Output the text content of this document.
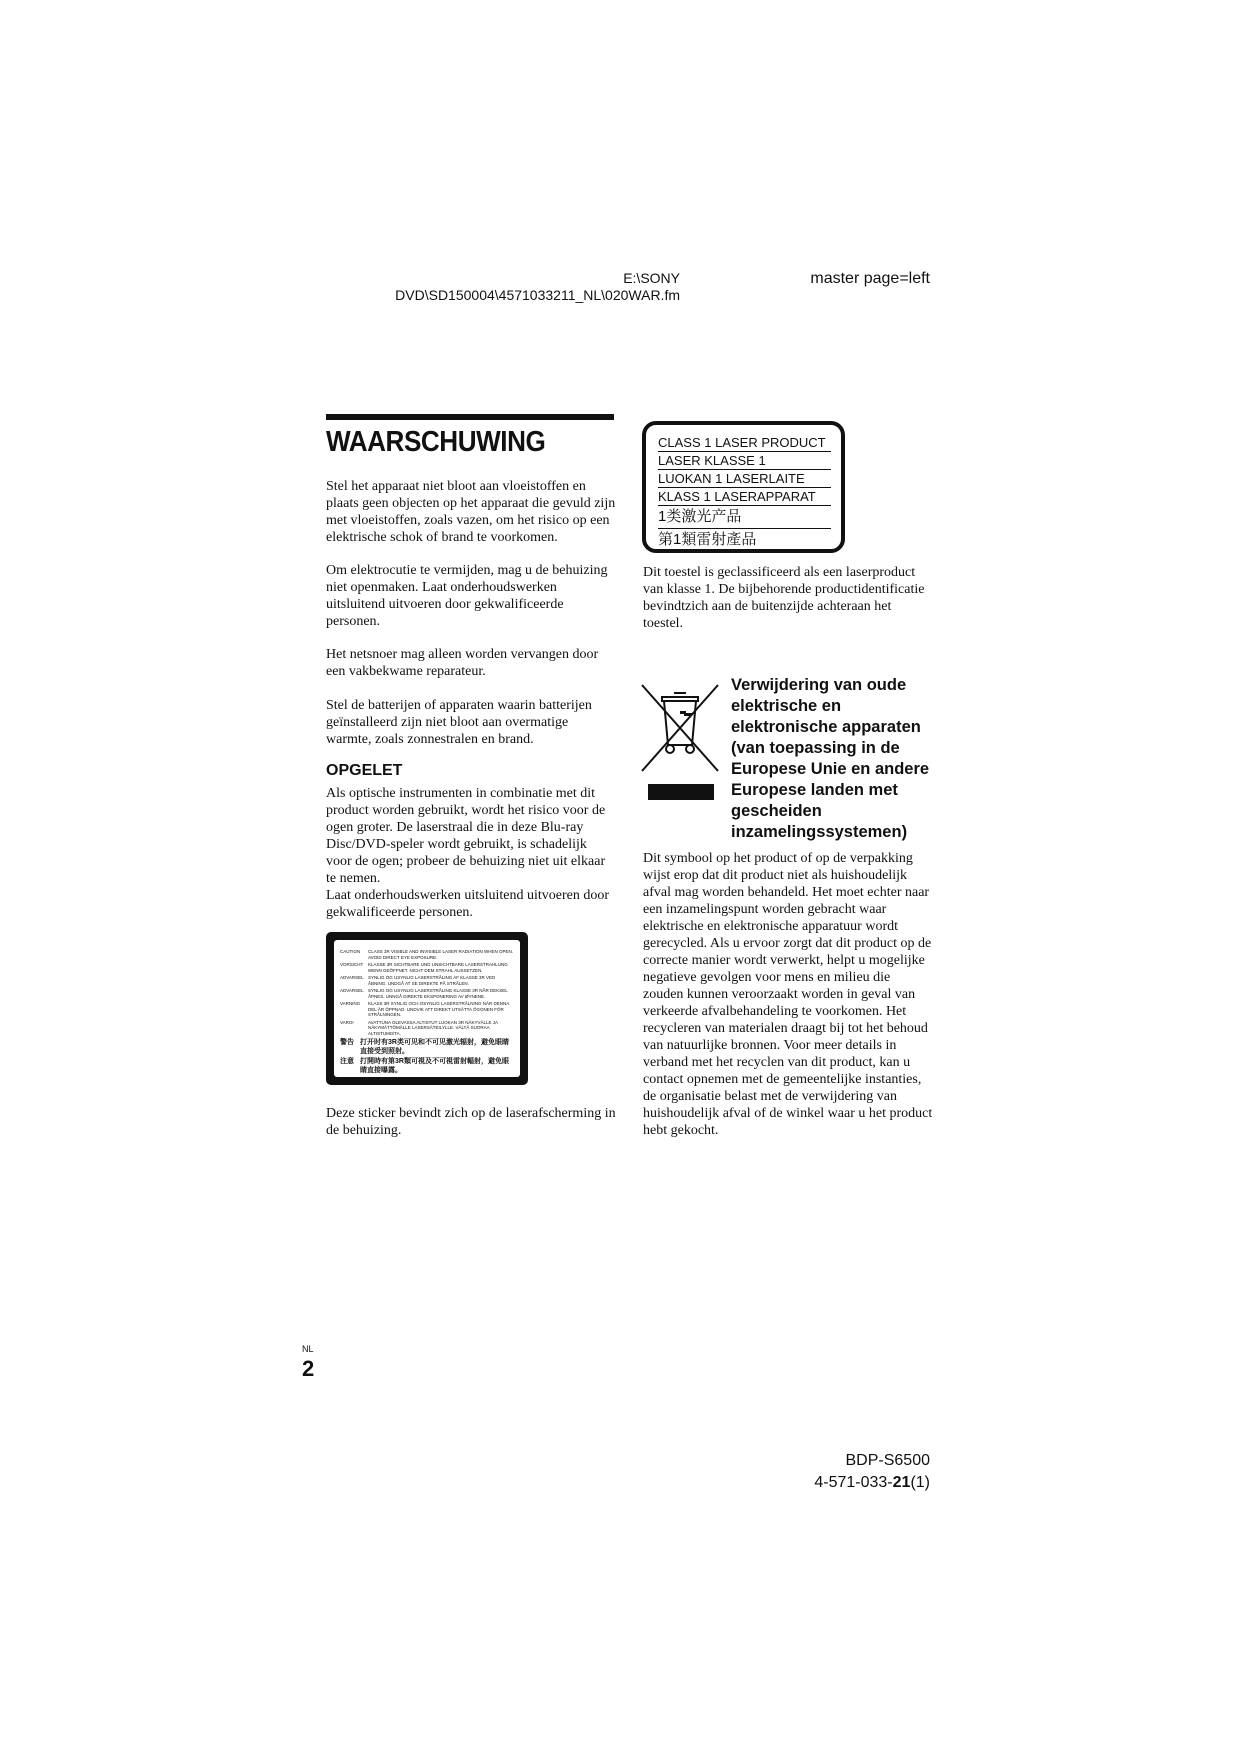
E:\SONY
DVD\SD150004\4571033211_NL\020WAR.fm
master page=left
WAARSCHUWING
Stel het apparaat niet bloot aan vloeistoffen en plaats geen objecten op het apparaat die gevuld zijn met vloeistoffen, zoals vazen, om het risico op een elektrische schok of brand te voorkomen.
Om elektrocutie te vermijden, mag u de behuizing niet openmaken. Laat onderhoudswerken uitsluitend uitvoeren door gekwalificeerde personen.
Het netsnoer mag alleen worden vervangen door een vakbekwame reparateur.
Stel de batterijen of apparaten waarin batterijen geïnstalleerd zijn niet bloot aan overmatige warmte, zoals zonnestralen en brand.
OPGELET
Als optische instrumenten in combinatie met dit product worden gebruikt, wordt het risico voor de ogen groter. De laserstraal die in deze Blu-ray Disc/DVD-speler wordt gebruikt, is schadelijk voor de ogen; probeer de behuizing niet uit elkaar te nemen.
Laat onderhoudswerken uitsluitend uitvoeren door gekwalificeerde personen.
CAUTION	CLASS 3R VISIBLE AND INVISIBLE LASER RADIATION WHEN OPEN. AVOID DIRECT EYE EXPOSURE.
VORSICHT	KLASSE 3R SICHTBARE UND UNSICHTBARE LASERSTRAHLUNG WENN GEÖFFNET. NICHT DEM STRAHL AUSSETZEN.
ADVARSEL SYNLIG OG USYNLIG LASERSTRÅLING AF KLASSE 3R VED ÅBNING. UNDGÅ AT SE DIREKTE PÅ STRÅLEN.
ADVARSEL SYNLIG OG USYNLIG LASERSTRÅLING KLASSE 3R NÅR DEKSEL ÅPNES. UNNGÅ DIREKTE EKSPONERING AV ØYNENE.
VARNING	KLASS 3R SYNLIG OCH OSYNLIG LASERSTRÅLNING NÄR DENNA DEL ÄR ÖPPNAD. UNDVIK ATT DIREKT UTSÄTTA ÖGONEN FÖR STRÅLNINGEN.
VARO!	AVATTUNA OLEVASSA ALTISTUT LUOKAN 3R NÄKYVÄLLE JA NÄKYMÄTTÖMÄLLE LASERSÄTEILYLLE. VÄLTÄ SUORAA ALTISTUMISTA.
警告 打开时有3R类可见和不可见激光辐射，避免眼睛直接受到照射。
注意 打開時有第3R類可視及不可視雷射輻射，避免眼睛直接曝露。
Deze sticker bevindt zich op de laserafscherming in de behuizing.
CLASS 1 LASER PRODUCT
LASER KLASSE 1
LUOKAN 1 LASERLAITE
KLASS 1 LASERAPPARAT
1类激光产品
第1類雷射產品
Dit toestel is geclassificeerd als een laserproduct van klasse 1. De bijbehorende productidentificatie bevindtzich aan de buitenzijde achteraan het toestel.
Verwijdering van oude elektrische en elektronische apparaten (van toepassing in de Europese Unie en andere Europese landen met gescheiden inzamelingssystemen)
Dit symbool op het product of op de verpakking wijst erop dat dit product niet als huishoudelijk afval mag worden behandeld. Het moet echter naar een inzamelingspunt worden gebracht waar elektrische en elektronische apparatuur wordt gerecycled. Als u ervoor zorgt dat dit product op de correcte manier wordt verwerkt, helpt u mogelijke negatieve gevolgen voor mens en milieu die zouden kunnen veroorzaakt worden in geval van verkeerde afvalbehandeling te voorkomen. Het recycleren van materialen draagt bij tot het behoud van natuurlijke bronnen. Voor meer details in verband met het recyclen van dit product, kan u contact opnemen met de gemeentelijke instanties, de organisatie belast met de verwijdering van huishoudelijk afval of de winkel waar u het product hebt gekocht.
NL
2
BDP-S6500
4-571-033-21(1)
